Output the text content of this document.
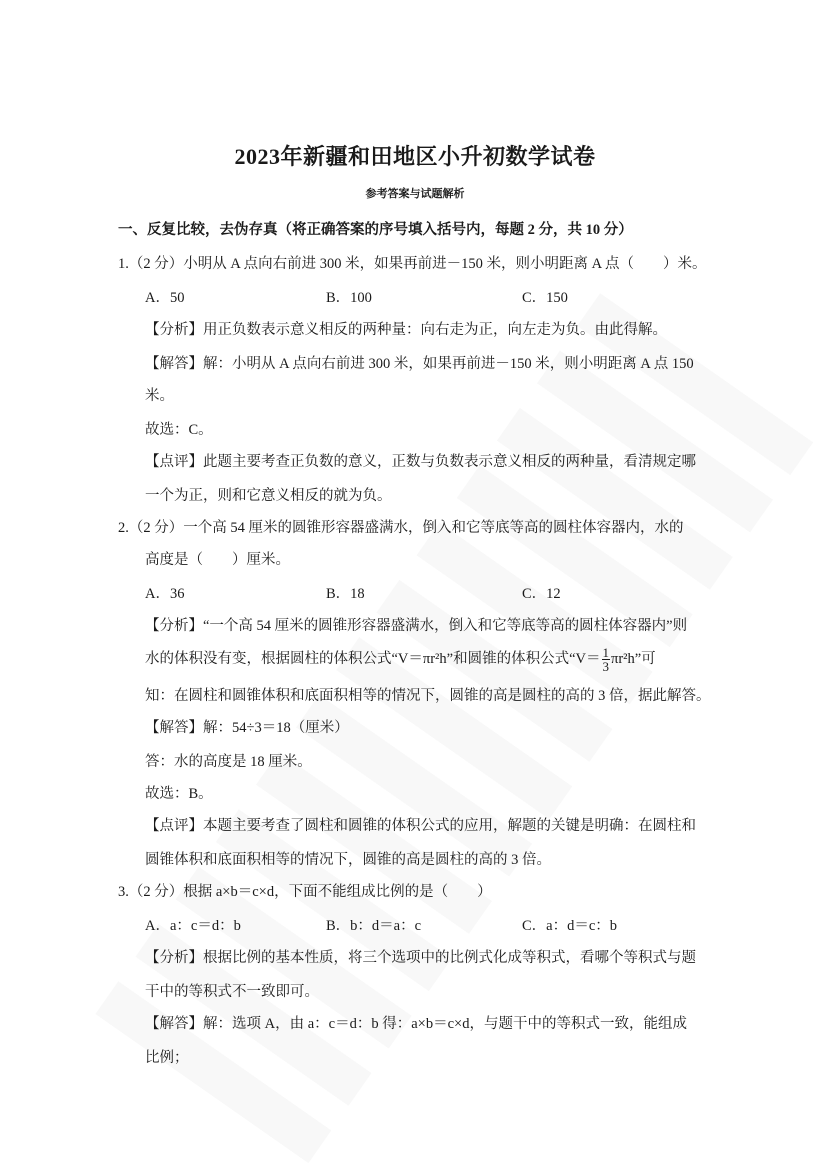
2023年新疆和田地区小升初数学试卷
参考答案与试题解析
一、反复比较，去伪存真（将正确答案的序号填入括号内，每题 2 分，共 10 分）
1.（2 分）小明从 A 点向右前进 300 米，如果再前进－150 米，则小明距离 A 点（　　）米。
A．50	B．100	C．150
【分析】用正负数表示意义相反的两种量：向右走为正，向左走为负。由此得解。
【解答】解：小明从 A 点向右前进 300 米，如果再前进－150 米，则小明距离 A 点 150
米。
故选：C。
【点评】此题主要考查正负数的意义，正数与负数表示意义相反的两种量，看清规定哪
一个为正，则和它意义相反的就为负。
2.（2 分）一个高 54 厘米的圆锥形容器盛满水，倒入和它等底等高的圆柱体容器内，水的
高度是（　　）厘米。
A．36	B．18	C．12
【分析】“一个高 54 厘米的圆锥形容器盛满水，倒入和它等底等高的圆柱体容器内”则
水的体积没有变，根据圆柱的体积公式“V＝πr²h”和圆锥的体积公式“$V= \frac{1}{3} \pi r^2h$”可
知：在圆柱和圆锥体积和底面积相等的情况下，圆锥的高是圆柱的高的 3 倍，据此解答。
【解答】解：54÷3＝18（厘米）
答：水的高度是 18 厘米。
故选：B。
【点评】本题主要考查了圆柱和圆锥的体积公式的应用，解题的关键是明确：在圆柱和
圆锥体积和底面积相等的情况下，圆锥的高是圆柱的高的 3 倍。
3.（2 分）根据 a×b＝c×d，下面不能组成比例的是（　　）
A．a：c＝d：b	B．b：d＝a：c	C．a：d＝c：b
【分析】根据比例的基本性质，将三个选项中的比例式化成等积式，看哪个等积式与题
干中的等积式不一致即可。
【解答】解：选项 A，由 a：c＝d：b 得：a×b＝c×d，与题干中的等积式一致，能组成
比例；
